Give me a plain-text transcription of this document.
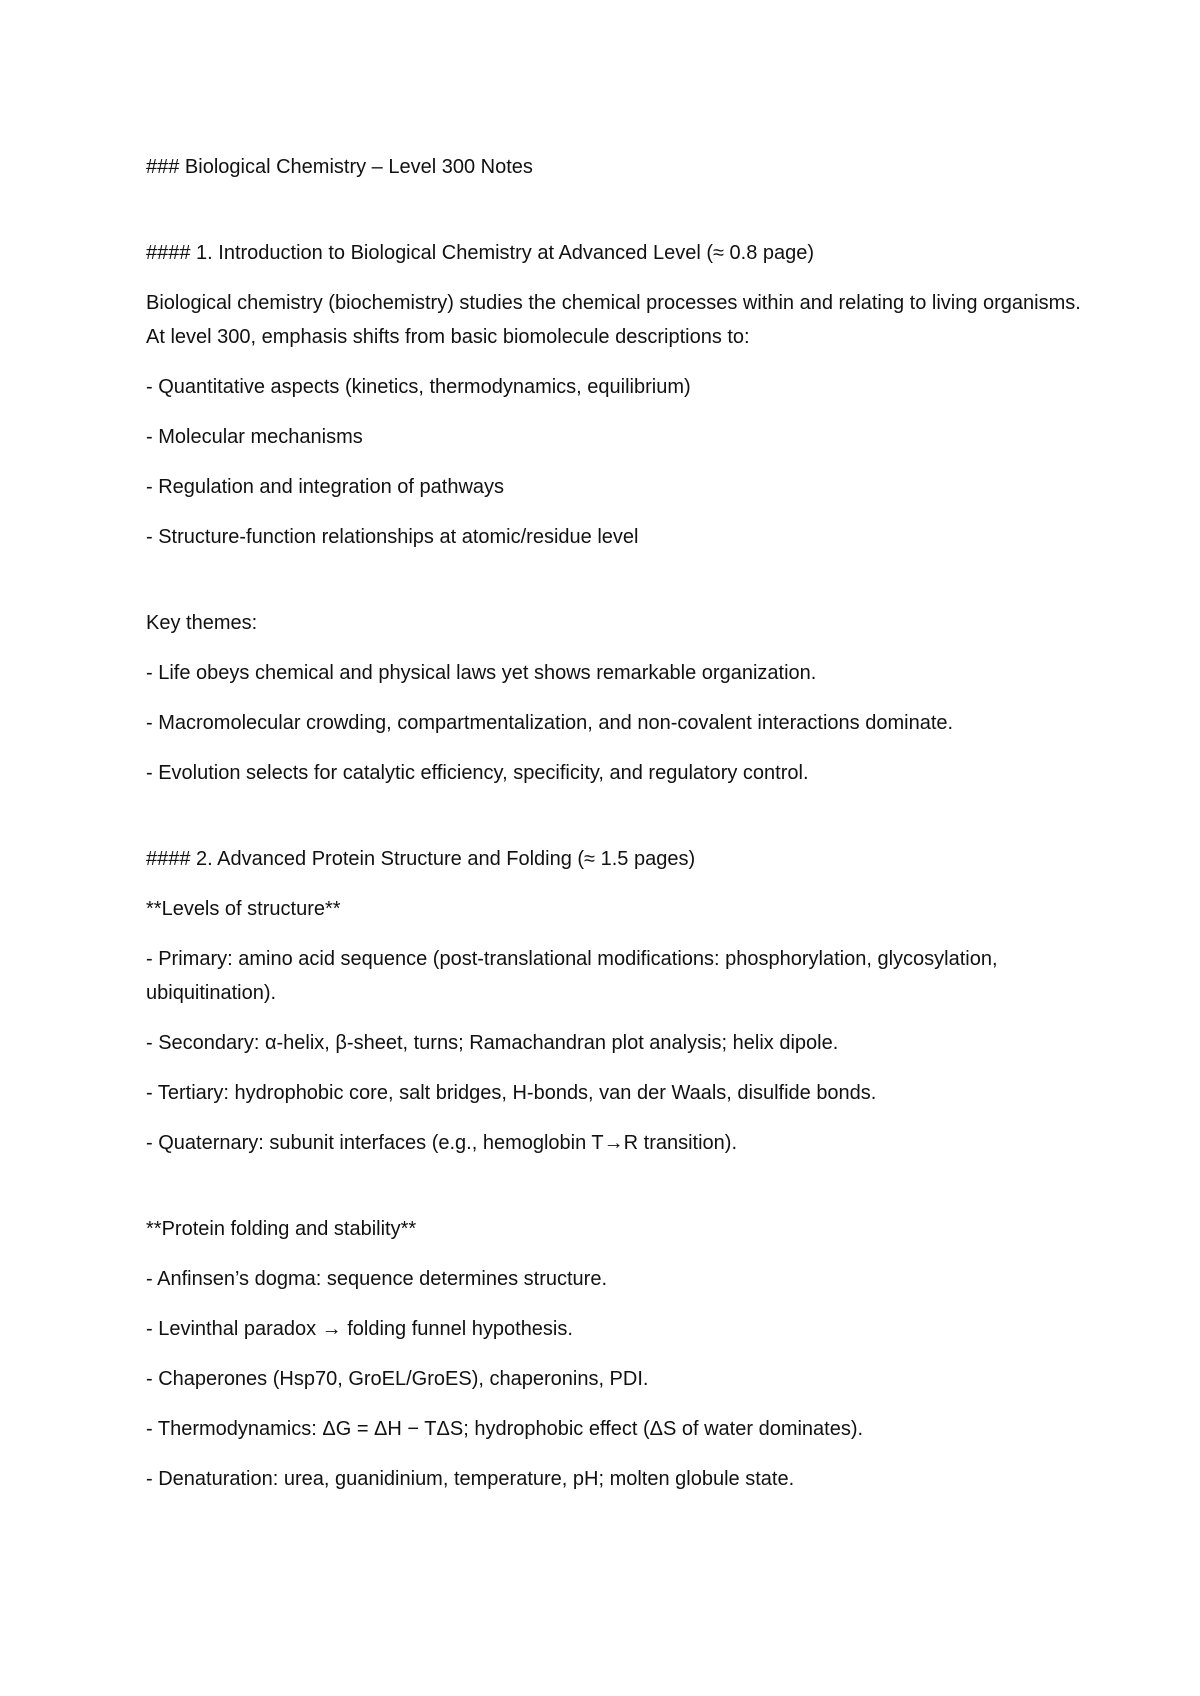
### Biological Chemistry – Level 300 Notes

#### 1. Introduction to Biological Chemistry at Advanced Level (≈ 0.8 page)

Biological chemistry (biochemistry) studies the chemical processes within and relating to living organisms. At level 300, emphasis shifts from basic biomolecule descriptions to:

- Quantitative aspects (kinetics, thermodynamics, equilibrium)

- Molecular mechanisms

- Regulation and integration of pathways

- Structure-function relationships at atomic/residue level

Key themes:

- Life obeys chemical and physical laws yet shows remarkable organization.

- Macromolecular crowding, compartmentalization, and non-covalent interactions dominate.

- Evolution selects for catalytic efficiency, specificity, and regulatory control.

#### 2. Advanced Protein Structure and Folding (≈ 1.5 pages)

**Levels of structure**

- Primary: amino acid sequence (post-translational modifications: phosphorylation, glycosylation, ubiquitination).

- Secondary: α-helix, β-sheet, turns; Ramachandran plot analysis; helix dipole.

- Tertiary: hydrophobic core, salt bridges, H-bonds, van der Waals, disulfide bonds.

- Quaternary: subunit interfaces (e.g., hemoglobin T→R transition).

**Protein folding and stability**

- Anfinsen’s dogma: sequence determines structure.

- Levinthal paradox → folding funnel hypothesis.

- Chaperones (Hsp70, GroEL/GroES), chaperonins, PDI.

- Thermodynamics: ΔG = ΔH − TΔS; hydrophobic effect (ΔS of water dominates).

- Denaturation: urea, guanidinium, temperature, pH; molten globule state.
